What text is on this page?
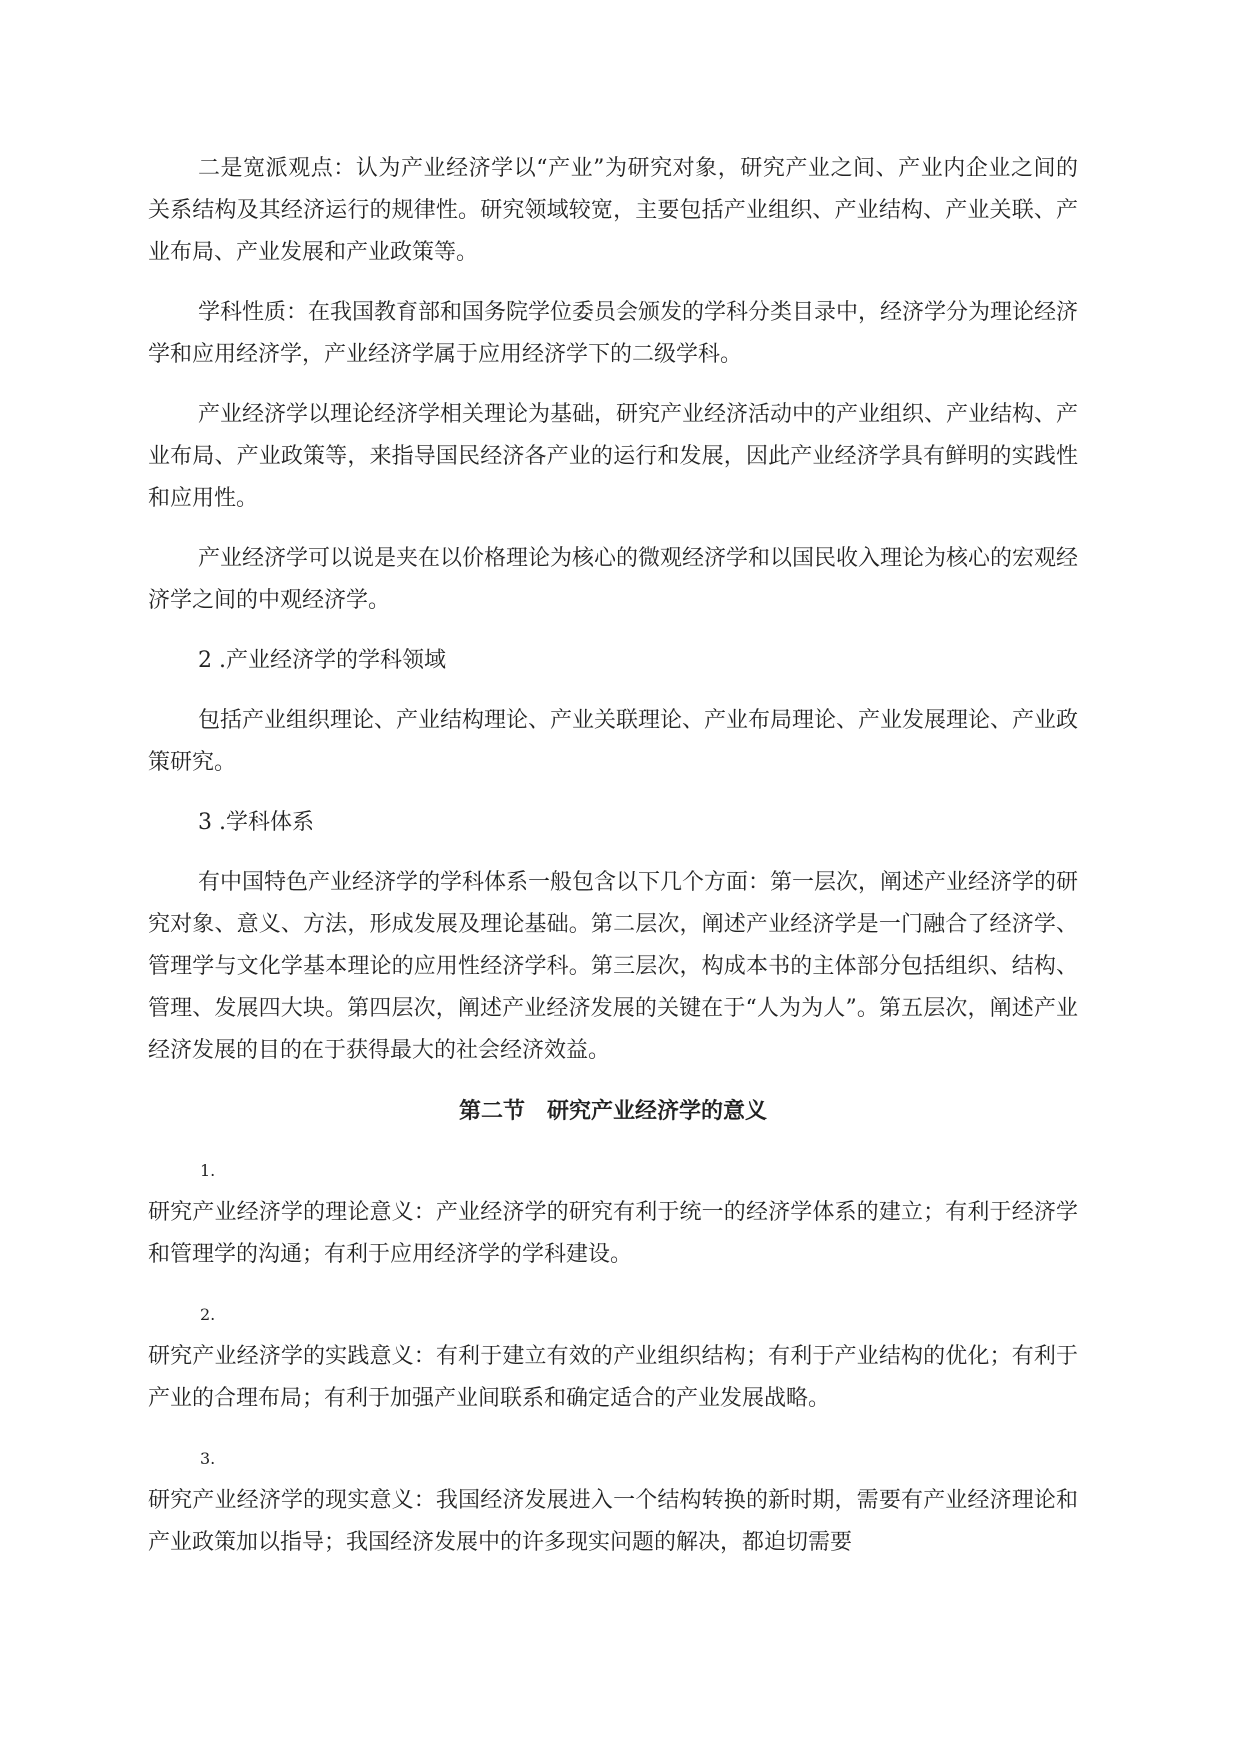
二是宽派观点：认为产业经济学以“产业”为研究对象，研究产业之间、产业内企业之间的关系结构及其经济运行的规律性。研究领域较宽，主要包括产业组织、产业结构、产业关联、产业布局、产业发展和产业政策等。

学科性质：在我国教育部和国务院学位委员会颁发的学科分类目录中，经济学分为理论经济学和应用经济学，产业经济学属于应用经济学下的二级学科。

产业经济学以理论经济学相关理论为基础，研究产业经济活动中的产业组织、产业结构、产业布局、产业政策等，来指导国民经济各产业的运行和发展，因此产业经济学具有鲜明的实践性和应用性。

产业经济学可以说是夹在以价格理论为核心的微观经济学和以国民收入理论为核心的宏观经济学之间的中观经济学。

2 .产业经济学的学科领域

包括产业组织理论、产业结构理论、产业关联理论、产业布局理论、产业发展理论、产业政策研究。

3 .学科体系

有中国特色产业经济学的学科体系一般包含以下几个方面：第一层次，阐述产业经济学的研究对象、意义、方法，形成发展及理论基础。第二层次，阐述产业经济学是一门融合了经济学、管理学与文化学基本理论的应用性经济学科。第三层次，构成本书的主体部分包括组织、结构、管理、发展四大块。第四层次，阐述产业经济发展的关键在于“人为为人”。第五层次，阐述产业经济发展的目的在于获得最大的社会经济效益。

第二节　研究产业经济学的意义
1.

研究产业经济学的理论意义：产业经济学的研究有利于统一的经济学体系的建立；有利于经济学和管理学的沟通；有利于应用经济学的学科建设。

2.

研究产业经济学的实践意义：有利于建立有效的产业组织结构；有利于产业结构的优化；有利于产业的合理布局；有利于加强产业间联系和确定适合的产业发展战略。

3.

研究产业经济学的现实意义：我国经济发展进入一个结构转换的新时期，需要有产业经济理论和产业政策加以指导；我国经济发展中的许多现实问题的解决，都迫切需要
